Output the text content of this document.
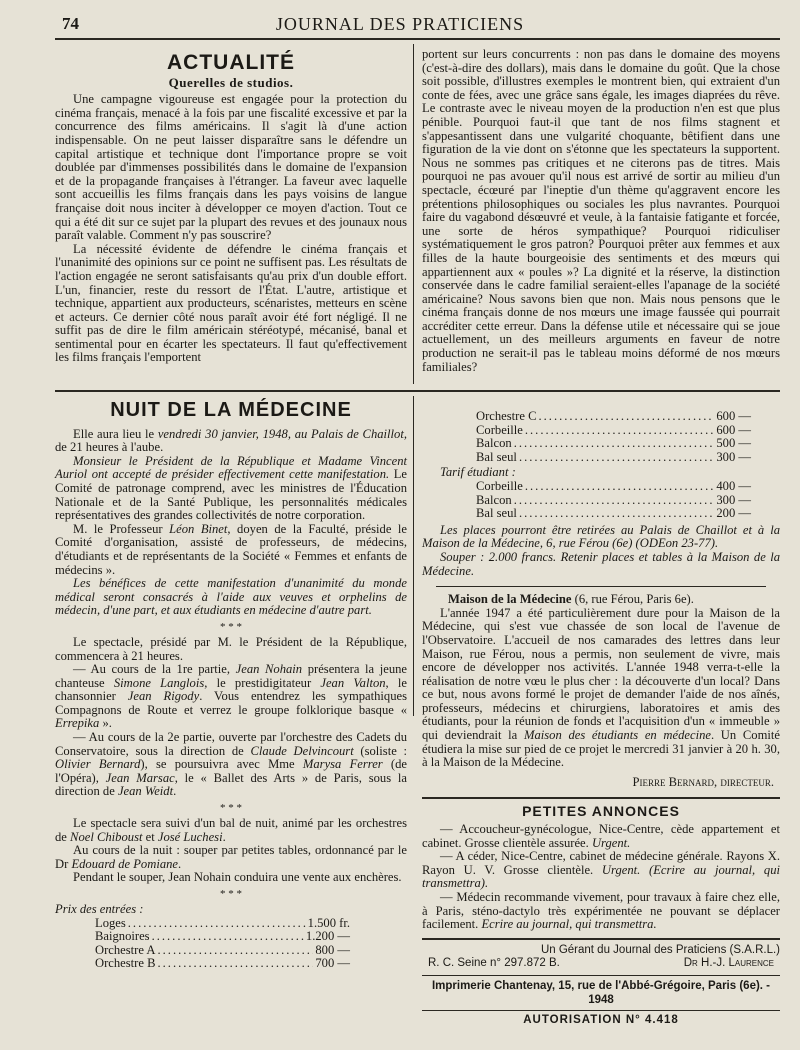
74	JOURNAL DES PRATICIENS
ACTUALITÉ
Querelles de studios.

Une campagne vigoureuse est engagée pour la protection du cinéma français, menacé à la fois par une fiscalité excessive et par la concurrence des films américains. Il s'agit là d'une action indispensable. On ne peut laisser disparaître sans le défendre un capital artistique et technique dont l'importance propre se voit doublée par d'immenses possibilités dans le domaine de l'expansion et de la propagande françaises à l'étranger. La faveur avec laquelle sont accueillis les films français dans les pays voisins de langue française doit nous inciter à développer ce moyen d'action. Tout ce qui a été dit sur ce sujet par la plupart des revues et des jounaux nous paraît valable. Comment n'y pas souscrire?

La nécessité évidente de défendre le cinéma français et l'unanimité des opinions sur ce point ne suffisent pas. Les résultats de l'action engagée ne seront satisfaisants qu'au prix d'un double effort. L'un, financier, reste du ressort de l'État. L'autre, artistique et technique, appartient aux producteurs, scénaristes, metteurs en scène et acteurs. Ce dernier côté nous paraît avoir été fort négligé. Il ne suffit pas de dire le film américain stéréotypé, mécanisé, banal et sentimental pour en écarter les spectateurs. Il faut qu'effectivement les films français l'emportent

portent sur leurs concurrents : non pas dans le domaine des moyens (c'est-à-dire des dollars), mais dans le domaine du goût. Que la chose soit possible, d'illustres exemples le montrent bien, qui extraient d'un conte de fées, avec une grâce sans égale, les images diaprées du rêve. Le contraste avec le niveau moyen de la production n'en est que plus pénible. Pourquoi faut-il que tant de nos films stagnent et s'appesantissent dans une vulgarité choquante, bêtifient dans une figuration de la vie dont on s'étonne que les spectateurs la supportent. Nous ne sommes pas critiques et ne citerons pas de titres. Mais pourquoi ne pas avouer qu'il nous est arrivé de sortir au milieu d'un spectacle, écœuré par l'ineptie d'un thème qu'aggravent encore les prétentions philosophiques ou sociales les plus navrantes. Pourquoi faire du vagabond désœuvré et veule, à la fantaisie fatigante et forcée, une sorte de héros sympathique? Pourquoi ridiculiser systématiquement le gros patron? Pourquoi prêter aux femmes et aux filles de la haute bourgeoisie des sentiments et des mœurs qui appartiennent aux « poules »? La dignité et la réserve, la distinction conservée dans le cadre familial seraient-elles l'apanage de la société américaine? Nous savons bien que non. Mais nous pensons que le cinéma français donne de nos mœurs une image faussée qui pourrait accréditer cette erreur. Dans la défense utile et nécessaire qui se joue actuellement, un des meilleurs arguments en faveur de notre production ne serait-il pas le tableau moins déformé de nos mœurs familiales?

NUIT DE LA MÉDECINE

Elle aura lieu le vendredi 30 janvier, 1948, au Palais de Chaillot, de 21 heures à l'aube.

Monsieur le Président de la République et Madame Vincent Auriol ont accepté de présider effectivement cette manifestation. Le Comité de patronage comprend, avec les ministres de l'Éducation Nationale et de la Santé Publique, les personnalités médicales représentatives des grandes collectivités de notre corporation.

M. le Professeur Léon Binet, doyen de la Faculté, préside le Comité d'organisation, assisté de professeurs, de médecins, d'étudiants et de représentants de la Société « Femmes et enfants de médecins ».

Les bénéfices de cette manifestation d'unanimité du monde médical seront consacrés à l'aide aux veuves et orphelins de médecin, d'une part, et aux étudiants en médecine d'autre part.

* * *

Le spectacle, présidé par M. le Président de la République, commencera à 21 heures.

— Au cours de la 1re partie, Jean Nohain présentera la jeune chanteuse Simone Langlois, le prestidigitateur Jean Valton, le chansonnier Jean Rigody. Vous entendrez les sympathiques Compagnons de Route et verrez le groupe folklorique basque « Errepika ».

— Au cours de la 2e partie, ouverte par l'orchestre des Cadets du Conservatoire, sous la direction de Claude Delvincourt (soliste : Olivier Bernard), se poursuivra avec Mme Marysa Ferrer (de l'Opéra), Jean Marsac, le « Ballet des Arts » de Paris, sous la direction de Jean Weidt.

* * *

Le spectacle sera suivi d'un bal de nuit, animé par les orchestres de Noel Chiboust et José Luchesi.

Au cours de la nuit : souper par petites tables, ordonnancé par le Dr Edouard de Pomiane.

Pendant le souper, Jean Nohain conduira une vente aux enchères.

* * *

Prix des entrées :

Loges .....	1.500 fr.
Baignoires .....	1.200 —
Orchestre A .....	800 —
Orchestre B .....	700 —
Orchestre C .....	600 —
Corbeille .....	600 —
Balcon .....	500 —
Bal seul .....	300 —

Tarif étudiant :

Corbeille .....	400 —
Balcon .....	300 —
Bal seul .....	200 —

Les places pourront être retirées au Palais de Chaillot et à la Maison de la Médecine, 6, rue Férou (6e) (ODEon 23-77).

Souper : 2.000 francs. Retenir places et tables à la Maison de la Médecine.

Maison de la Médecine (6, rue Férou, Paris 6e).

L'année 1947 a été particulièrement dure pour la Maison de la Médecine, qui s'est vue chassée de son local de l'avenue de l'Observatoire. L'accueil de nos camarades des lettres dans leur Maison, rue Férou, nous a permis, non seulement de vivre, mais encore de développer nos activités. L'année 1948 verra-t-elle la réalisation de notre vœu le plus cher : la découverte d'un local? Dans ce but, nous avons formé le projet de demander l'aide de nos aînés, professeurs, médecins et chirurgiens, laboratoires et amis des étudiants, pour la réunion de fonds et l'acquisition d'un « immeuble » qui deviendrait la Maison des étudiants en médecine. Un Comité étudiera la mise sur pied de ce projet le mercredi 31 janvier à 20 h. 30, à la Maison de la Médecine.

Pierre Bernard, directeur.

PETITES ANNONCES

— Accoucheur-gynécologue, Nice-Centre, cède appartement et cabinet. Grosse clientèle assurée. Urgent.

— A céder, Nice-Centre, cabinet de médecine générale. Rayons X. Rayon U. V. Grosse clientèle. Urgent. (Ecrire au journal, qui transmettra).

— Médecin recommande vivement, pour travaux à faire chez elle, à Paris, sténo-dactylo très expérimentée ne pouvant se déplacer facilement. Ecrire au journal, qui transmettra.

Un Gérant du Journal des Praticiens (S.A.R.L.)
R. C. Seine n° 297.872 B.	Dr H.-J. Laurence
Imprimerie Chantenay, 15, rue de l'Abbé-Grégoire, Paris (6e). - 1948
AUTORISATION N° 4.418
